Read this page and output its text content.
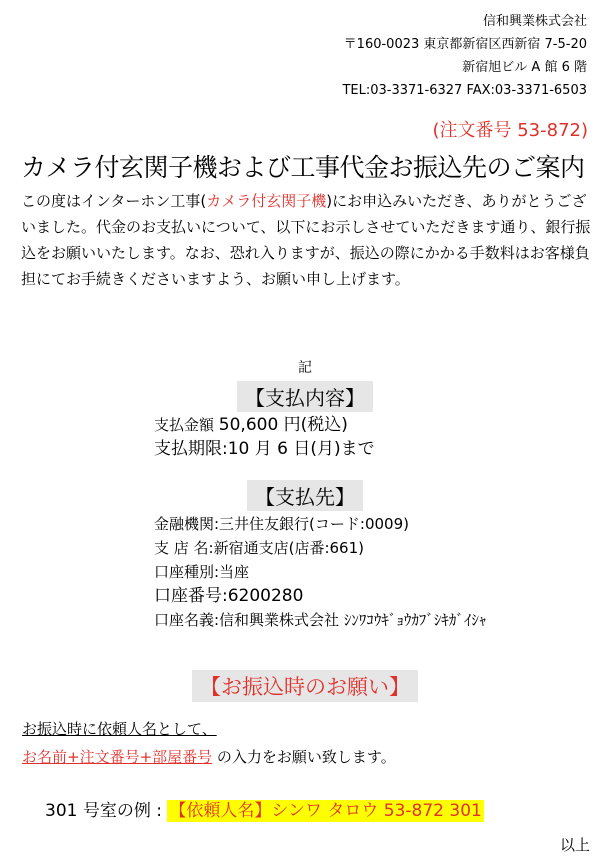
信和興業株式会社
〒160-0023 東京都新宿区西新宿 7-5-20
新宿旭ビル A 館 6 階
TEL:03-3371-6327 FAX:03-3371-6503
(注文番号 53-872)
カメラ付玄関子機および工事代金お振込先のご案内
この度はインターホン工事(カメラ付玄関子機)にお申込みいただき、ありがとうございました。代金のお支払いについて、以下にお示しさせていただきます通り、銀行振込をお願いいたします。なお、恐れ入りますが、振込の際にかかる手数料はお客様負担にてお手続きくださいますよう、お願い申し上げます。
記
【支払内容】
支払金額 50,600 円(税込)
支払期限:10 月 6 日(月)まで
【支払先】
金融機関:三井住友銀行(コード:0009)
支 店 名:新宿通支店(店番:661)
口座種別:当座
口座番号:6200280
口座名義:信和興業株式会社 ｼﾝﾜｺｳｷﾞｮｳｶﾌﾞｼｷｶﾞｲｼｬ
【お振込時のお願い】
お振込時に依頼人名として、
お名前+注文番号+部屋番号 の入力をお願い致します。
301 号室の例 : 【依頼人名】シンワ タロウ 53-872 301
以上
